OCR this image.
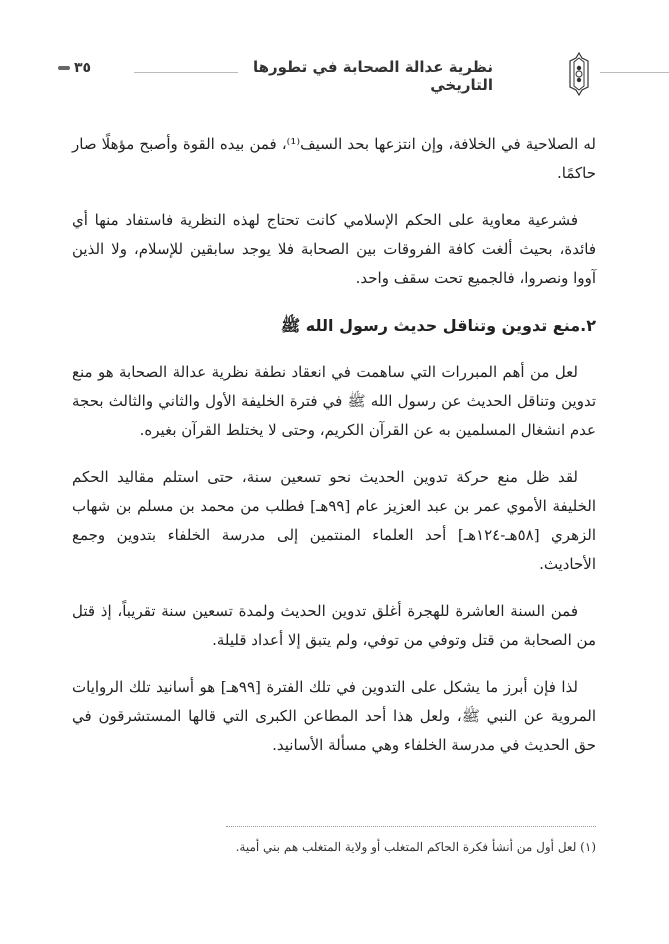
نظرية عدالة الصحابة في تطورها التاريخي
٣٥

له الصلاحية في الخلافة، وإن انتزعها بحد السيف⁽¹⁾، فمن بيده القوة وأصبح مؤهلًا صار حاكمًا.

فشرعية معاوية على الحكم الإسلامي كانت تحتاج لهذه النظرية فاستفاد منها أي فائدة، بحيث ألغت كافة الفروقات بين الصحابة فلا يوجد سابقين للإسلام، ولا الذين آووا ونصروا، فالجميع تحت سقف واحد.

٢.منع تدوين وتناقل حديث رسول الله ﷺ

لعل من أهم المبررات التي ساهمت في انعقاد نطفة نظرية عدالة الصحابة هو منع تدوين وتناقل الحديث عن رسول الله ﷺ في فترة الخليفة الأول والثاني والثالث بحجة عدم انشغال المسلمين به عن القرآن الكريم، وحتى لا يختلط القرآن بغيره.

لقد ظل منع حركة تدوين الحديث نحو تسعين سنة، حتى استلم مقاليد الحكم الخليفة الأموي عمر بن عبد العزيز عام [٩٩هـ] فطلب من محمد بن مسلم بن شهاب الزهري [٥٨هـ-١٢٤هـ] أحد العلماء المنتمين إلى مدرسة الخلفاء بتدوين وجمع الأحاديث.

فمن السنة العاشرة للهجرة أغلق تدوين الحديث ولمدة تسعين سنة تقريباً، إذ قتل من الصحابة من قتل وتوفي من توفي، ولم يتبق إلا أعداد قليلة.

لذا فإن أبرز ما يشكل على التدوين في تلك الفترة [٩٩هـ] هو أسانيد تلك الروايات المروية عن النبي ﷺ، ولعل هذا أحد المطاعن الكبرى التي قالها المستشرقون في حق الحديث في مدرسة الخلفاء وهي مسألة الأسانيد.

(١) لعل أول من أنشأ فكرة الحاكم المتغلب أو ولاية المتغلب هم بني أمية.
